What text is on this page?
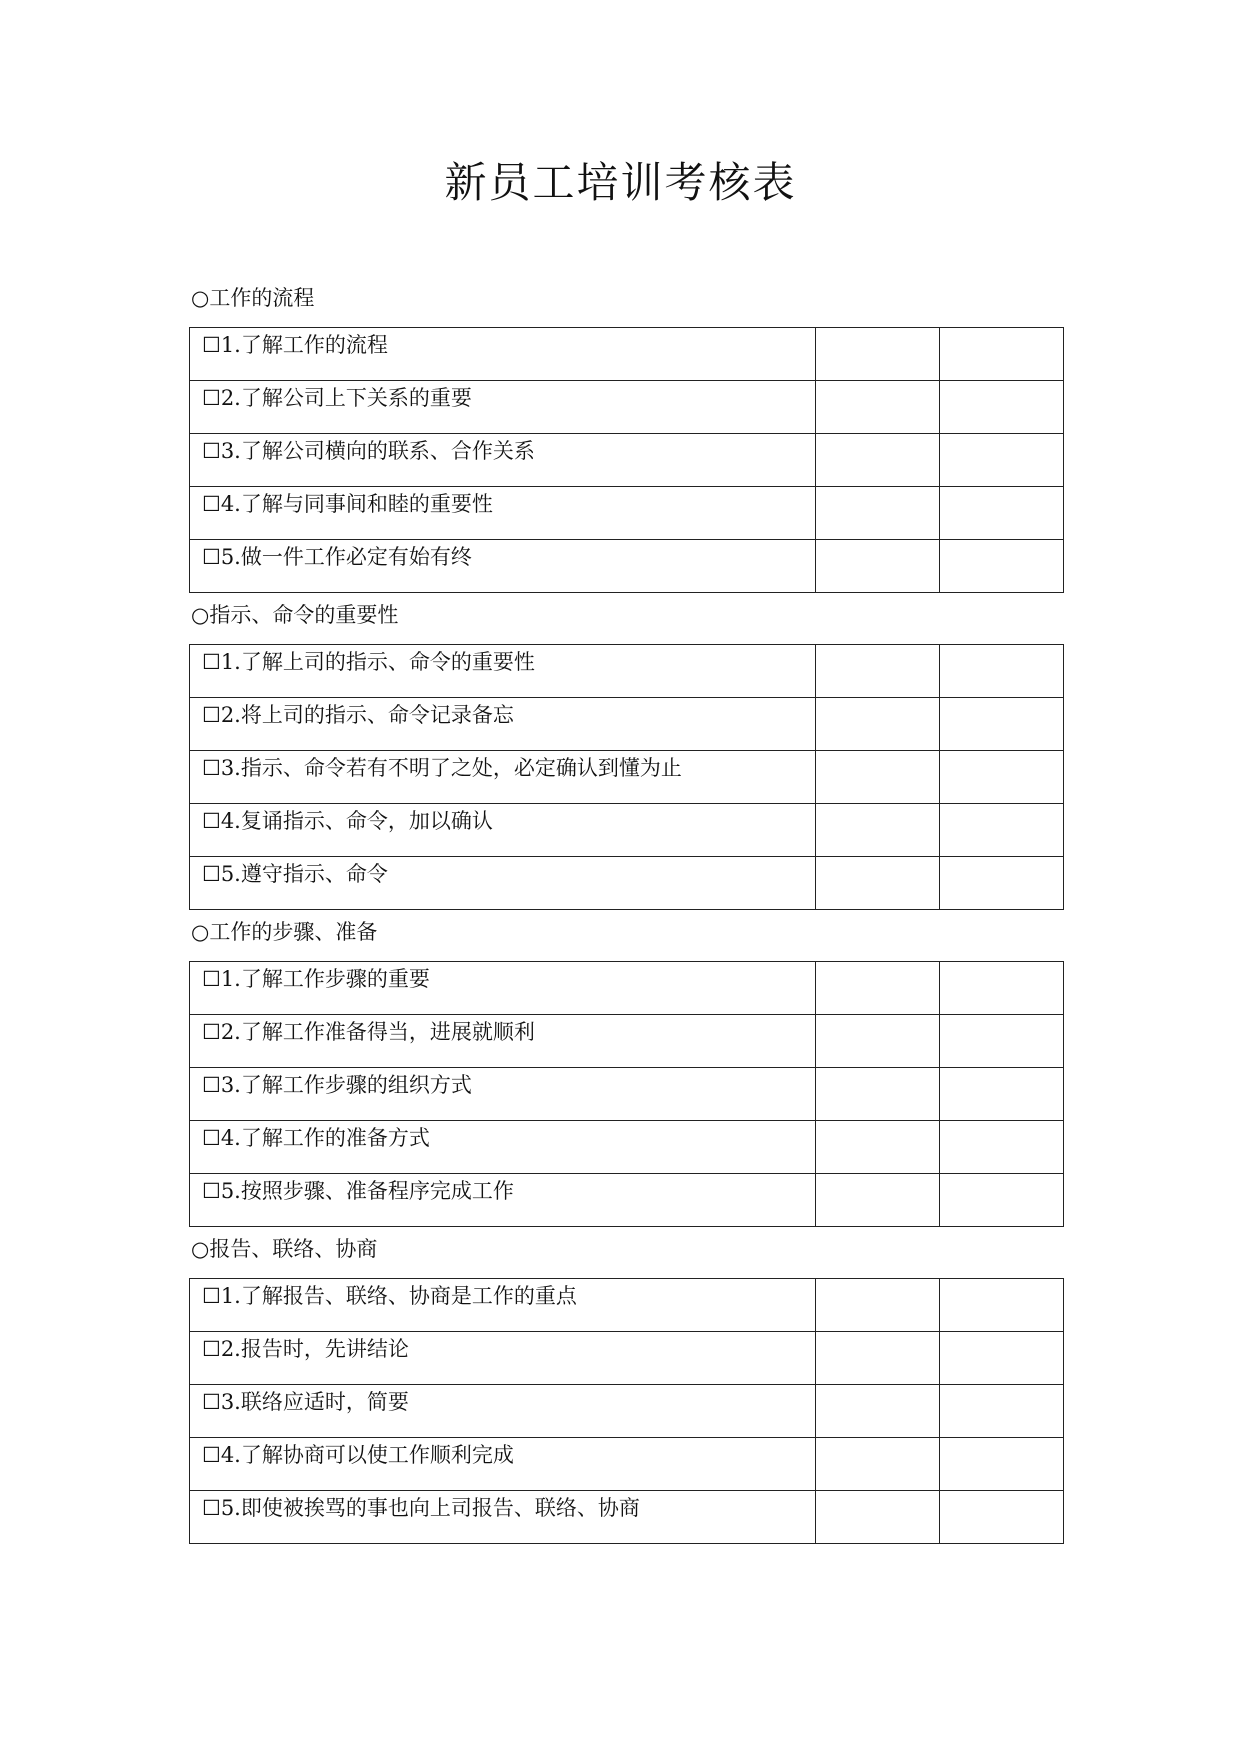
新员工培训考核表
○工作的流程
☐1.了解工作的流程		
☐2.了解公司上下关系的重要		
☐3.了解公司横向的联系、合作关系		
☐4.了解与同事间和睦的重要性		
☐5.做一件工作必定有始有终		
○指示、命令的重要性
☐1.了解上司的指示、命令的重要性		
☐2.将上司的指示、命令记录备忘		
☐3.指示、命令若有不明了之处，必定确认到懂为止		
☐4.复诵指示、命令，加以确认		
☐5.遵守指示、命令		
○工作的步骤、准备
☐1.了解工作步骤的重要		
☐2.了解工作准备得当，进展就顺利		
☐3.了解工作步骤的组织方式		
☐4.了解工作的准备方式		
☐5.按照步骤、准备程序完成工作		
○报告、联络、协商
☐1.了解报告、联络、协商是工作的重点		
☐2.报告时，先讲结论		
☐3.联络应适时，简要		
☐4.了解协商可以使工作顺利完成		
☐5.即使被挨骂的事也向上司报告、联络、协商		
